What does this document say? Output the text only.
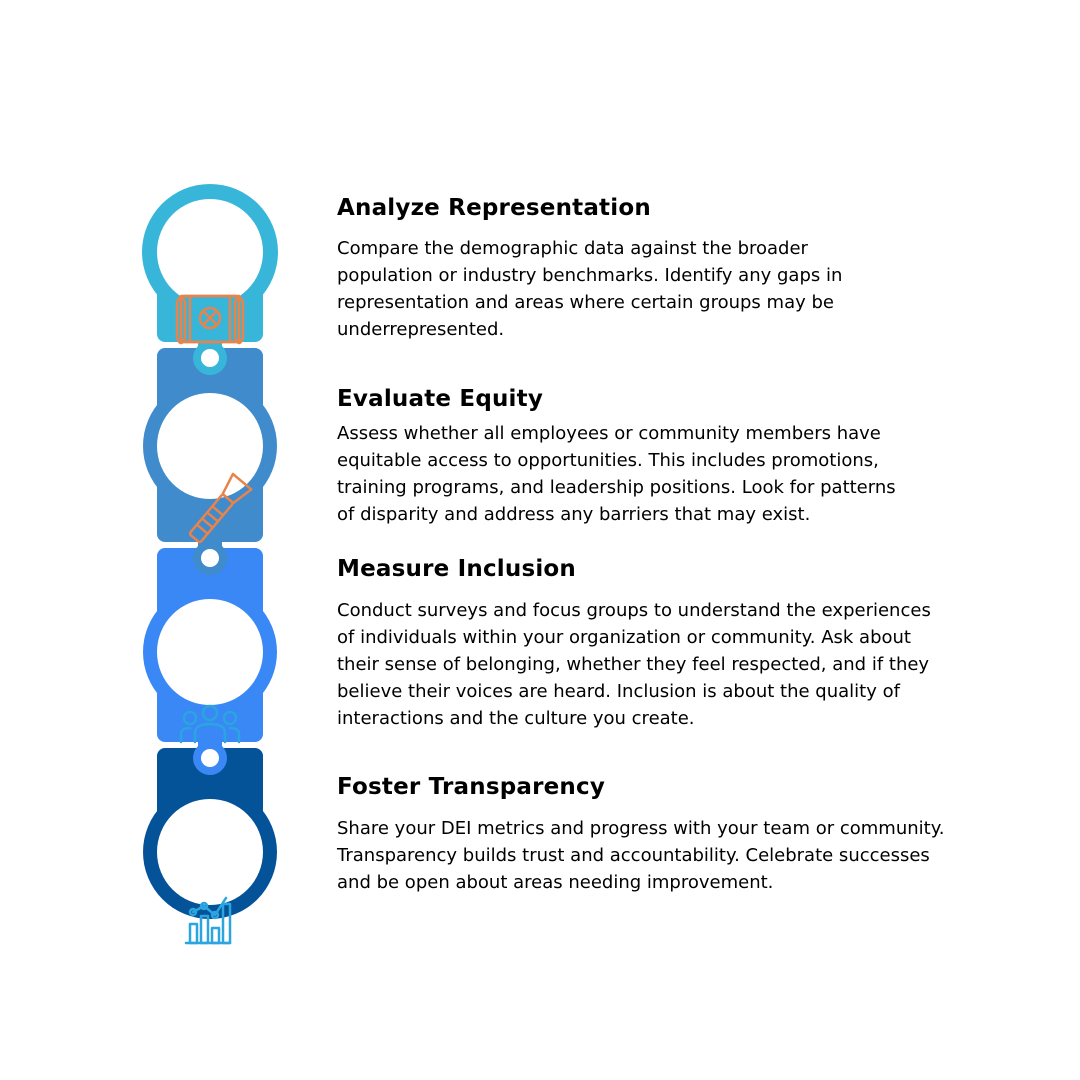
Analyze Representation

Compare the demographic data against the broader
population or industry benchmarks. Identify any gaps in
representation and areas where certain groups may be
underrepresented.

Evaluate Equity

Assess whether all employees or community members have
equitable access to opportunities. This includes promotions,
training programs, and leadership positions. Look for patterns
of disparity and address any barriers that may exist.

Measure Inclusion

Conduct surveys and focus groups to understand the experiences
of individuals within your organization or community. Ask about
their sense of belonging, whether they feel respected, and if they
believe their voices are heard. Inclusion is about the quality of
interactions and the culture you create.

Foster Transparency

Share your DEI metrics and progress with your team or community.
Transparency builds trust and accountability. Celebrate successes
and be open about areas needing improvement.
